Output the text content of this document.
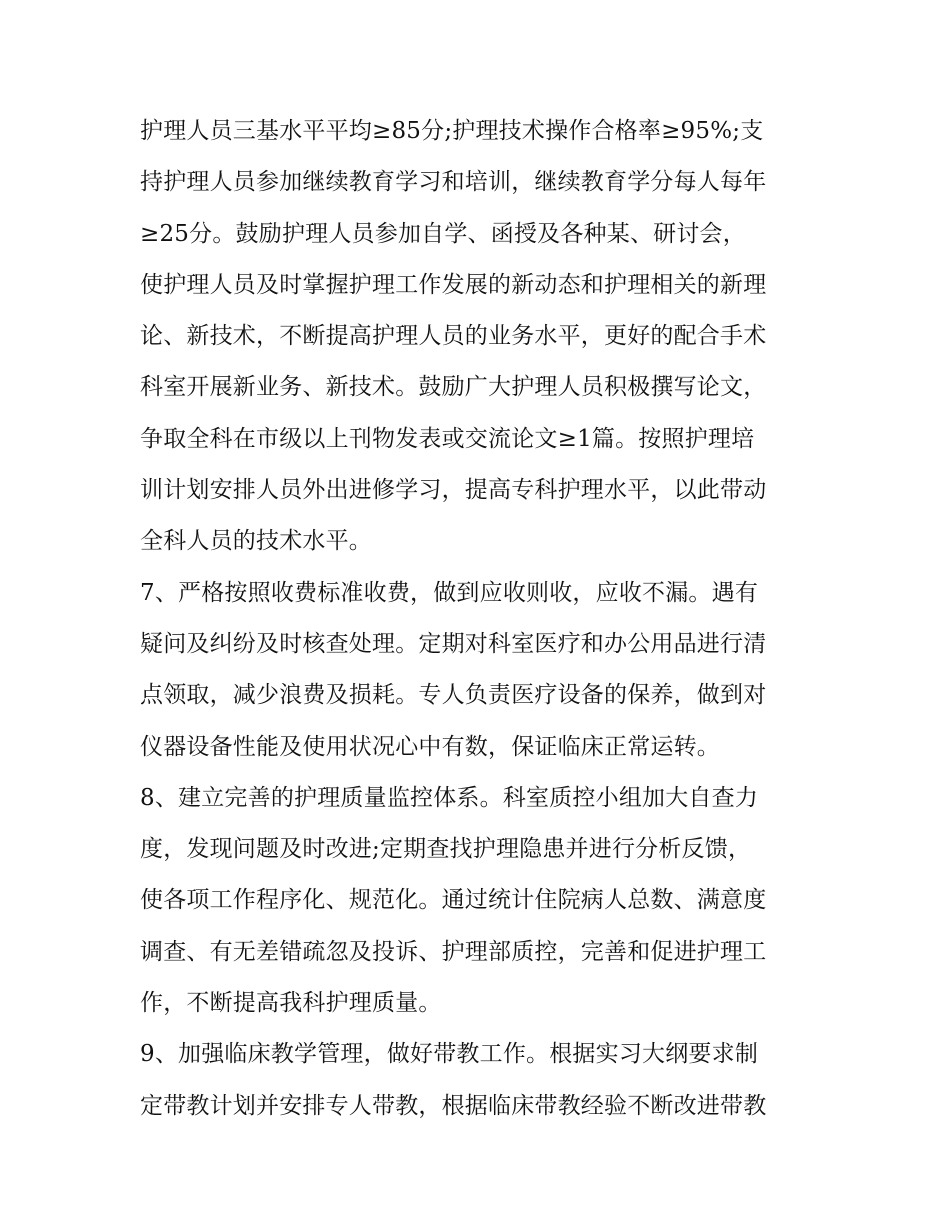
护理人员三基水平平均≥85分;护理技术操作合格率≥95%;支
持护理人员参加继续教育学习和培训，继续教育学分每人每年
≥25分。鼓励护理人员参加自学、函授及各种某、研讨会，
使护理人员及时掌握护理工作发展的新动态和护理相关的新理
论、新技术，不断提高护理人员的业务水平，更好的配合手术
科室开展新业务、新技术。鼓励广大护理人员积极撰写论文，
争取全科在市级以上刊物发表或交流论文≥1篇。按照护理培
训计划安排人员外出进修学习，提高专科护理水平，以此带动
全科人员的技术水平。
7、严格按照收费标准收费，做到应收则收，应收不漏。遇有
疑问及纠纷及时核查处理。定期对科室医疗和办公用品进行清
点领取，减少浪费及损耗。专人负责医疗设备的保养，做到对
仪器设备性能及使用状况心中有数，保证临床正常运转。
8、建立完善的护理质量监控体系。科室质控小组加大自查力
度，发现问题及时改进;定期查找护理隐患并进行分析反馈，
使各项工作程序化、规范化。通过统计住院病人总数、满意度
调查、有无差错疏忽及投诉、护理部质控，完善和促进护理工
作，不断提高我科护理质量。
9、加强临床教学管理，做好带教工作。根据实习大纲要求制
定带教计划并安排专人带教，根据临床带教经验不断改进带教
